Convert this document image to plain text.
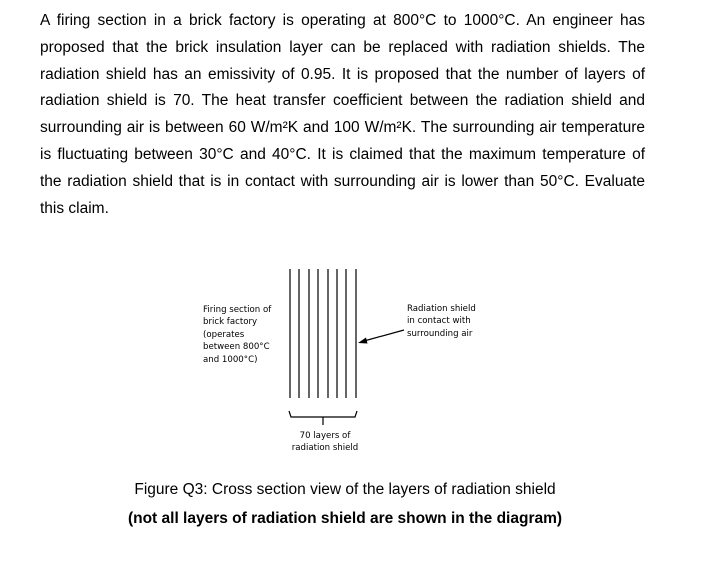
A firing section in a brick factory is operating at 800°C to 1000°C. An engineer has proposed that the brick insulation layer can be replaced with radiation shields. The radiation shield has an emissivity of 0.95. It is proposed that the number of layers of radiation shield is 70. The heat transfer coefficient between the radiation shield and surrounding air is between 60 W/m²K and 100 W/m²K. The surrounding air temperature is fluctuating between 30°C and 40°C. It is claimed that the maximum temperature of the radiation shield that is in contact with surrounding air is lower than 50°C. Evaluate this claim.
Firing section of
brick factory
(operates
between 800°C
and 1000°C)
Radiation shield
in contact with
surrounding air
70 layers of
radiation shield
Figure Q3: Cross section view of the layers of radiation shield
(not all layers of radiation shield are shown in the diagram)
